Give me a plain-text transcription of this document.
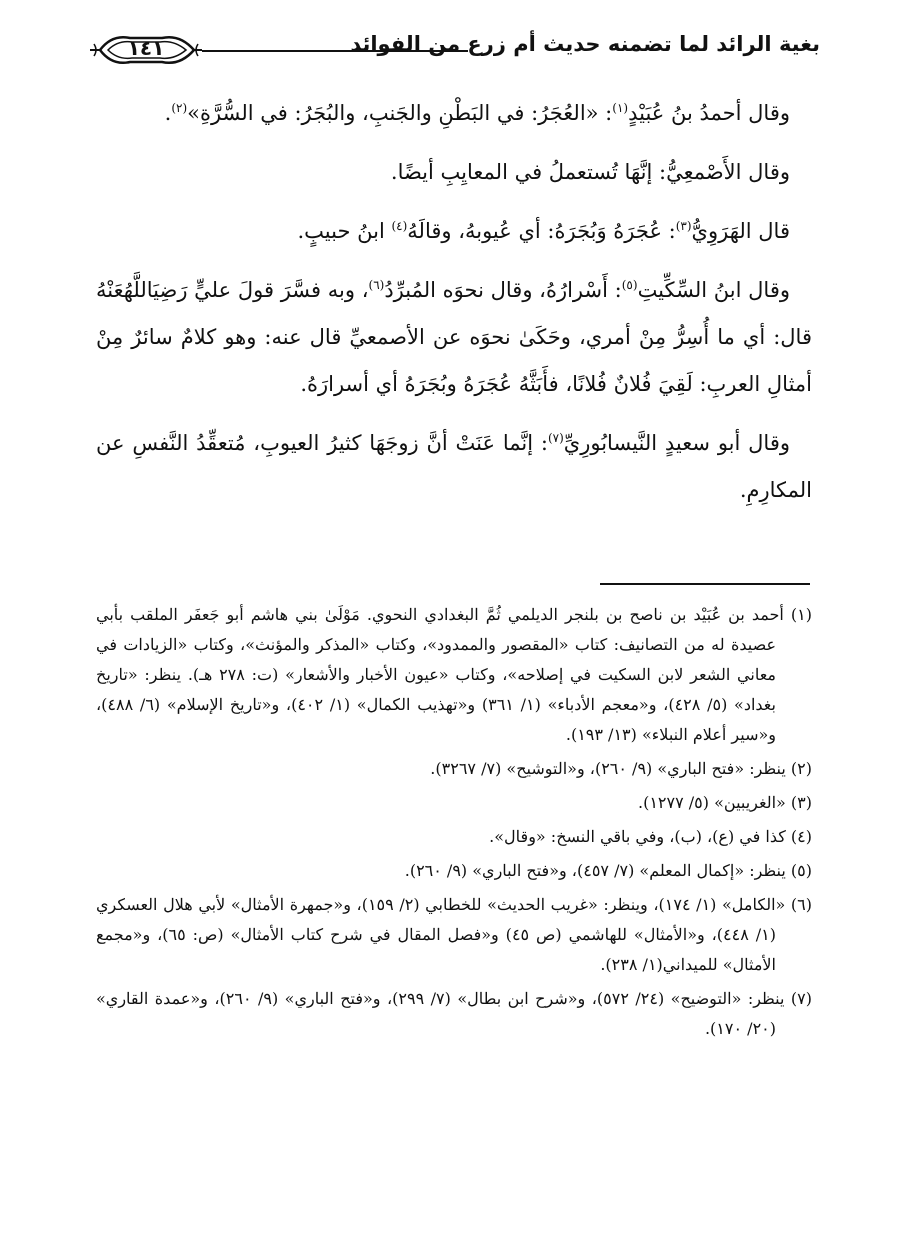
بغية الرائد لما تضمنه حديث أم زرع من الفوائد
١٤١

وقال أحمدُ بنُ عُبَيْدٍ$^{(١)}$: «العُجَرُ: في البَطْنِ والجَنبِ، والبُجَرُ: في السُّرَّةِ»$^{(٢)}$.

وقال الأَصْمعِيُّ: إنَّهَا تُستعملُ في المعايِبِ أيضًا.

قال الهَرَوِيُّ$^{(٣)}$: عُجَرَهُ وَبُجَرَهُ: أي عُيوبهُ، وقالَهُ$^{(٤)}$ ابنُ حبيبٍ.

وقال ابنُ السِّكِّيتِ$^{(٥)}$: أَسْرارُهُ، وقال نحوَه المُبرِّدُ$^{(٦)}$، وبه فسَّرَ قولَ عليٍّ رَضِيَاللَّهُعَنْهُ قال: أي ما أُسِرُّ مِنْ أمري، وحَكَىٰ نحوَه عن الأصمعيِّ قال عنه: وهو كلامٌ سائرٌ مِنْ أمثالِ العربِ: لَقِيَ فُلانٌ فُلانًا، فأَبَثَّهُ عُجَرَهُ وبُجَرَهُ أي أسرارَهُ.

وقال أبو سعيدٍ النَّيسابُورِيِّ$^{(٧)}$: إنَّما عَنَتْ أنَّ زوجَهَا كثيرُ العيوبِ، مُتعقِّدُ النَّفسِ عن المكارِمِ.

(١) أحمد بن عُبَيْد بن ناصح بن بلنجر الديلمي ثُمَّ البغدادي النحوي. مَوْلَىٰ بني هاشم أبو جَعفَر الملقب بأبي عصيدة له من التصانيف: كتاب «المقصور والممدود»، وكتاب «المذكر والمؤنث»، وكتاب «الزيادات في معاني الشعر لابن السكيت في إصلاحه»، وكتاب «عيون الأخبار والأشعار» (ت: ٢٧٨ هـ). ينظر: «تاريخ بغداد» (٥/ ٤٢٨)، و«معجم الأدباء» (١/ ٣٦١) و«تهذيب الكمال» (١/ ٤٠٢)، و«تاريخ الإسلام» (٦/ ٤٨٨)، و«سير أعلام النبلاء» (١٣/ ١٩٣).

(٢) ينظر: «فتح الباري» (٩/ ٢٦٠)، و«التوشيح» (٧/ ٣٢٦٧).

(٣) «الغريبين» (٥/ ١٢٧٧).

(٤) كذا في (ع)، (ب)، وفي باقي النسخ: «وقال».

(٥) ينظر: «إكمال المعلم» (٧/ ٤٥٧)، و«فتح الباري» (٩/ ٢٦٠).

(٦) «الكامل» (١/ ١٧٤)، وينظر: «غريب الحديث» للخطابي (٢/ ١٥٩)، و«جمهرة الأمثال» لأبي هلال العسكري (١/ ٤٤٨)، و«الأمثال» للهاشمي (ص ٤٥) و«فصل المقال في شرح كتاب الأمثال» (ص: ٦٥)، و«مجمع الأمثال» للميداني(١/ ٢٣٨).

(٧) ينظر: «التوضيح» (٢٤/ ٥٧٢)، و«شرح ابن بطال» (٧/ ٢٩٩)، و«فتح الباري» (٩/ ٢٦٠)، و«عمدة القاري» (٢٠/ ١٧٠).
